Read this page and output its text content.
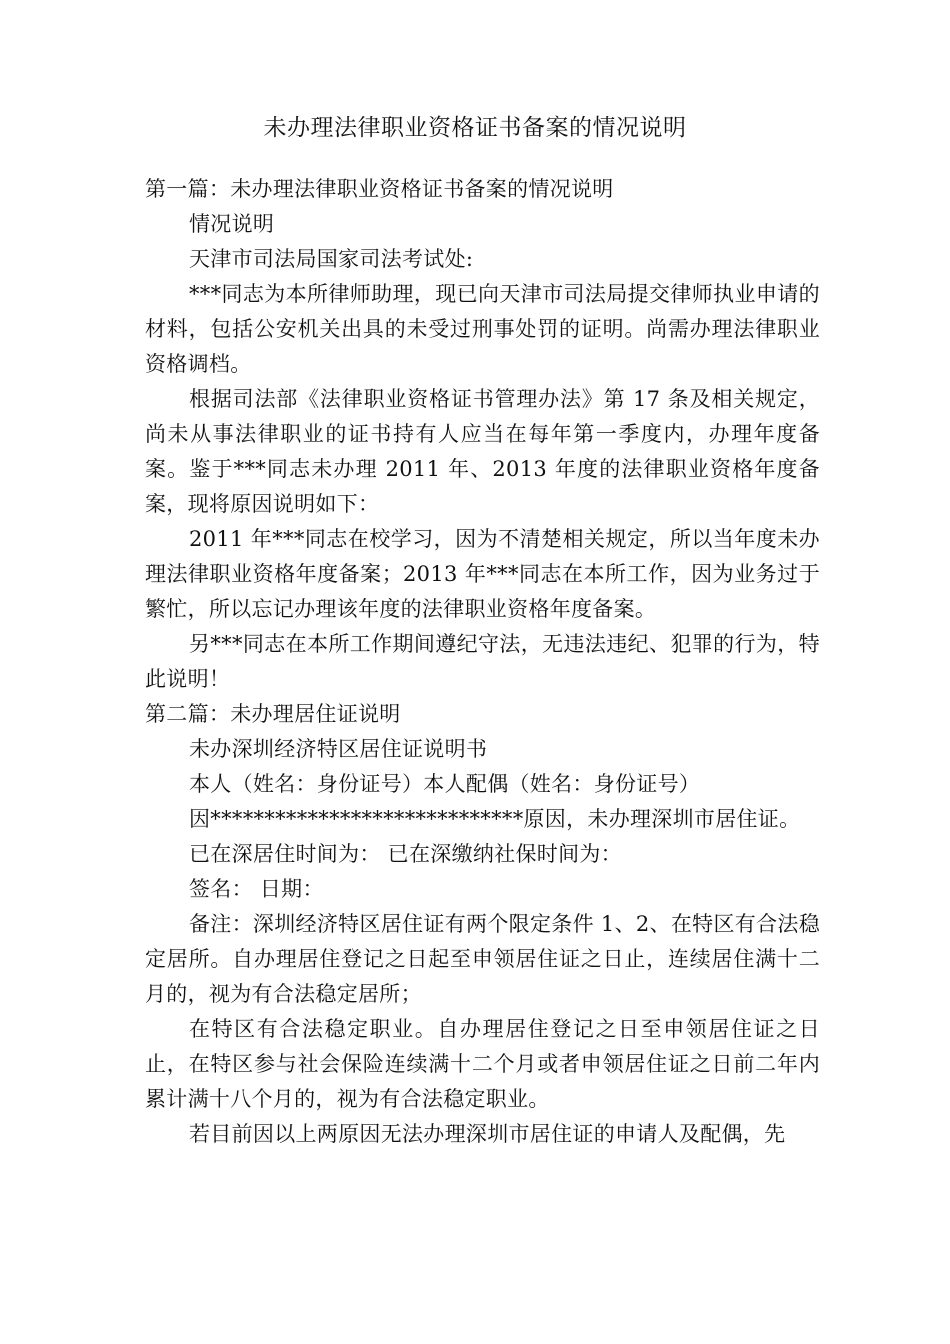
未办理法律职业资格证书备案的情况说明

第一篇：未办理法律职业资格证书备案的情况说明

情况说明

天津市司法局国家司法考试处:

***同志为本所律师助理，现已向天津市司法局提交律师执业申请的材料，包括公安机关出具的未受过刑事处罚的证明。尚需办理法律职业资格调档。

根据司法部《法律职业资格证书管理办法》第 17 条及相关规定，尚未从事法律职业的证书持有人应当在每年第一季度内，办理年度备案。鉴于***同志未办理 2011 年、2013 年度的法律职业资格年度备案，现将原因说明如下：

2011 年***同志在校学习，因为不清楚相关规定，所以当年度未办理法律职业资格年度备案；2013 年***同志在本所工作，因为业务过于繁忙，所以忘记办理该年度的法律职业资格年度备案。

另***同志在本所工作期间遵纪守法，无违法违纪、犯罪的行为，特此说明！

第二篇：未办理居住证说明

未办深圳经济特区居住证说明书

本人（姓名：身份证号）本人配偶（姓名：身份证号）

因*****************************原因，未办理深圳市居住证。

已在深居住时间为： 已在深缴纳社保时间为：

签名： 日期：

备注：深圳经济特区居住证有两个限定条件 1、2、在特区有合法稳定居所。自办理居住登记之日起至申领居住证之日止，连续居住满十二月的，视为有合法稳定居所；

在特区有合法稳定职业。自办理居住登记之日至申领居住证之日止，在特区参与社会保险连续满十二个月或者申领居住证之日前二年内累计满十八个月的，视为有合法稳定职业。

若目前因以上两原因无法办理深圳市居住证的申请人及配偶，先
